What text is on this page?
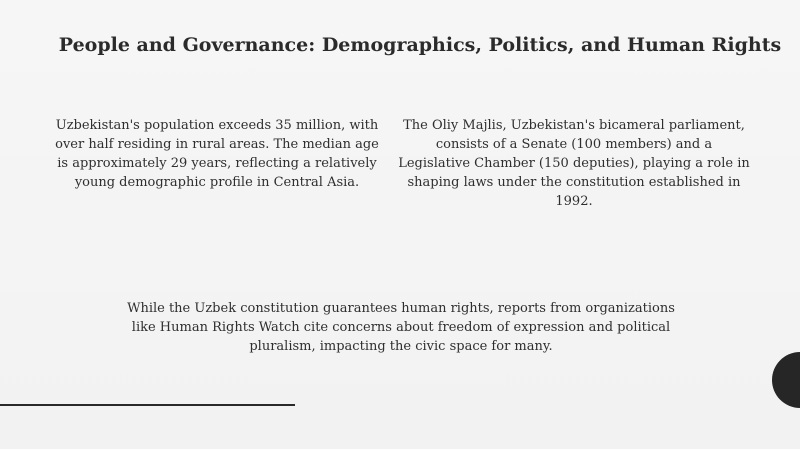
People and Governance: Demographics, Politics, and Human Rights
Uzbekistan's population exceeds 35 million, with over half residing in rural areas. The median age is approximately 29 years, reflecting a relatively young demographic profile in Central Asia.
The Oliy Majlis, Uzbekistan's bicameral parliament, consists of a Senate (100 members) and a Legislative Chamber (150 deputies), playing a role in shaping laws under the constitution established in 1992.
While the Uzbek constitution guarantees human rights, reports from organizations like Human Rights Watch cite concerns about freedom of expression and political pluralism, impacting the civic space for many.
